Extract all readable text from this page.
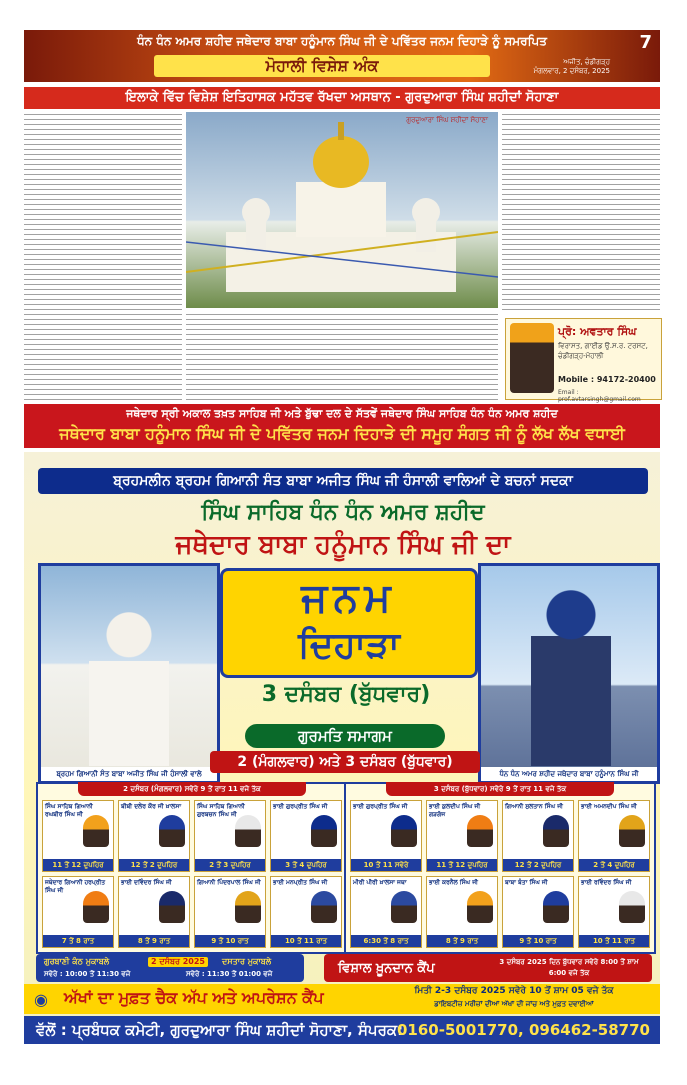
ਧੰਨ ਧੰਨ ਅਮਰ ਸ਼ਹੀਦ ਜਥੇਦਾਰ ਬਾਬਾ ਹਨੂੰਮਾਨ ਸਿੰਘ ਜੀ ਦੇ ਪਵਿੱਤਰ ਜਨਮ ਦਿਹਾੜੇ ਨੂੰ ਸਮਰਪਿਤ	7
ਮੋਹਾਲੀ ਵਿਸ਼ੇਸ਼ ਅੰਕ	ਅਜੀਤ, ਚੰਡੀਗੜ੍ਹ
ਮੰਗਲਵਾਰ, 2 ਦਸੰਬਰ, 2025
ਇਲਾਕੇ ਵਿੱਚ ਵਿਸ਼ੇਸ਼ ਇਤਿਹਾਸਕ ਮਹੱਤਵ ਰੱਖਦਾ ਅਸਥਾਨ - ਗੁਰਦੁਆਰਾ ਸਿੰਘ ਸ਼ਹੀਦਾਂ ਸੋਹਾਣਾ
ਗੁਰਦੁਆਰਾ ਸਿੰਘ ਸ਼ਹੀਦਾਂ ਸੋਹਾਣਾ
ਪ੍ਰੋ: ਅਵਤਾਰ ਸਿੰਘ
ਵਿਰਾਸਤ, ਗਾਈਡ ਉ.ਸ.ਰ. ਟਰਸਟ, ਚੰਡੀਗੜ੍ਹ-ਮੋਹਾਲੀ
Mobile : 94172-20400
Email : prof.avtarsingh@gmail.com
ਜਥੇਦਾਰ ਸ੍ਰੀ ਅਕਾਲ ਤਖ਼ਤ ਸਾਹਿਬ ਜੀ ਅਤੇ ਬੁੱਢਾ ਦਲ ਦੇ ਸੱਤਵੇਂ ਜਥੇਦਾਰ ਸਿੰਘ ਸਾਹਿਬ ਧੰਨ ਧੰਨ ਅਮਰ ਸ਼ਹੀਦ
ਜਥੇਦਾਰ ਬਾਬਾ ਹਨੂੰਮਾਨ ਸਿੰਘ ਜੀ ਦੇ ਪਵਿੱਤਰ ਜਨਮ ਦਿਹਾੜੇ ਦੀ ਸਮੂਹ ਸੰਗਤ ਜੀ ਨੂੰ ਲੱਖ ਲੱਖ ਵਧਾਈ
ਬ੍ਰਹਮਲੀਨ ਬ੍ਰਹਮ ਗਿਆਨੀ ਸੰਤ ਬਾਬਾ ਅਜੀਤ ਸਿੰਘ ਜੀ ਹੰਸਾਲੀ ਵਾਲਿਆਂ ਦੇ ਬਚਨਾਂ ਸਦਕਾ
ਸਿੰਘ ਸਾਹਿਬ ਧੰਨ ਧੰਨ ਅਮਰ ਸ਼ਹੀਦ
ਜਥੇਦਾਰ ਬਾਬਾ ਹਨੂੰਮਾਨ ਸਿੰਘ ਜੀ ਦਾ
ਬ੍ਰਹਮ ਗਿਆਨੀ ਸੰਤ ਬਾਬਾ ਅਜੀਤ ਸਿੰਘ ਜੀ ਹੰਸਾਲੀ ਵਾਲੇ	ਧੰਨ ਧੰਨ ਅਮਰ ਸ਼ਹੀਦ ਜਥੇਦਾਰ ਬਾਬਾ ਹਨੂੰਮਾਨ ਸਿੰਘ ਜੀ
ਜਨਮ
ਦਿਹਾੜਾ
3 ਦਸੰਬਰ (ਬੁੱਧਵਾਰ)
ਗੁਰਮਤਿ ਸਮਾਗਮ
2 (ਮੰਗਲਵਾਰ) ਅਤੇ 3 ਦਸੰਬਰ (ਬੁੱਧਵਾਰ)
2 ਦਸੰਬਰ (ਮੰਗਲਵਾਰ) ਸਵੇਰੇ 9 ਤੋਂ ਰਾਤ 11 ਵਜੇ ਤੱਕ
ਸਿੰਘ ਸਾਹਿਬ ਗਿਆਨੀ ਰਘਬੀਰ ਸਿੰਘ ਜੀ
11 ਤੋਂ 12 ਦੁਪਹਿਰ
ਬੀਬੀ ਦਲੇਰ ਕੌਰ ਜੀ ਖ਼ਾਲਸਾ
12 ਤੋਂ 2 ਦੁਪਹਿਰ
ਸਿੰਘ ਸਾਹਿਬ ਗਿਆਨੀ ਗੁਰਬਚਨ ਸਿੰਘ ਜੀ
2 ਤੋਂ 3 ਦੁਪਹਿਰ
ਭਾਈ ਗੁਰਪ੍ਰੀਤ ਸਿੰਘ ਜੀ
3 ਤੋਂ 4 ਦੁਪਹਿਰ
ਜਥੇਦਾਰ ਗਿਆਨੀ ਹਰਪ੍ਰੀਤ ਸਿੰਘ ਜੀ
7 ਤੋਂ 8 ਰਾਤ
ਭਾਈ ਦਵਿੰਦਰ ਸਿੰਘ ਜੀ
8 ਤੋਂ 9 ਰਾਤ
ਗਿਆਨੀ ਪਿੰਦਰਪਾਲ ਸਿੰਘ ਜੀ
9 ਤੋਂ 10 ਰਾਤ
ਭਾਈ ਮਨਪ੍ਰੀਤ ਸਿੰਘ ਜੀ
10 ਤੋਂ 11 ਰਾਤ
3 ਦਸੰਬਰ (ਬੁੱਧਵਾਰ) ਸਵੇਰੇ 9 ਤੋਂ ਰਾਤ 11 ਵਜੇ ਤੱਕ
ਭਾਈ ਗੁਰਪ੍ਰੀਤ ਸਿੰਘ ਜੀ
10 ਤੋਂ 11 ਸਵੇਰੇ
ਭਾਈ ਕੁਲਦੀਪ ਸਿੰਘ ਜੀ ਗੜਗੱਜ
11 ਤੋਂ 12 ਦੁਪਹਿਰ
ਗਿਆਨੀ ਸੁਲਤਾਨ ਸਿੰਘ ਜੀ
12 ਤੋਂ 2 ਦੁਪਹਿਰ
ਭਾਈ ਅਮਨਦੀਪ ਸਿੰਘ ਜੀ
2 ਤੋਂ 4 ਦੁਪਹਿਰ
ਮੀਰੀ ਪੀਰੀ ਖ਼ਾਲਸਾ ਜਥਾ
6:30 ਤੋਂ 8 ਰਾਤ
ਭਾਈ ਕਰਨੈਲ ਸਿੰਘ ਜੀ
8 ਤੋਂ 9 ਰਾਤ
ਬਾਬਾ ਬੰਤਾ ਸਿੰਘ ਜੀ
9 ਤੋਂ 10 ਰਾਤ
ਭਾਈ ਰਵਿੰਦਰ ਸਿੰਘ ਜੀ
10 ਤੋਂ 11 ਰਾਤ
ਗੁਰਬਾਣੀ ਕੰਠ ਮੁਕਾਬਲੇ
ਸਵੇਰੇ : 10:00 ਤੋਂ 11:30 ਵਜੇ
2 ਦਸੰਬਰ 2025	ਦਸਤਾਰ ਮੁਕਾਬਲੇ
ਸਵੇਰੇ : 11:30 ਤੋਂ 01:00 ਵਜੇ	ਵਿਸ਼ਾਲ ਖ਼ੂਨਦਾਨ ਕੈਂਪ	3 ਦਸੰਬਰ 2025 ਦਿਨ ਬੁੱਧਵਾਰ ਸਵੇਰੇ 8:00 ਤੋਂ ਸ਼ਾਮ 6:00 ਵਜੇ ਤੱਕ
◉ ਅੱਖਾਂ ਦਾ ਮੁਫ਼ਤ ਚੈਕ ਅੱਪ ਅਤੇ ਅਪਰੇਸ਼ਨ ਕੈਂਪ	ਮਿਤੀ 2-3 ਦਸੰਬਰ 2025 ਸਵੇਰੇ 10 ਤੋਂ ਸ਼ਾਮ 05 ਵਜੇ ਤੱਕ
ਡਾਇਬਟੀਜ਼ ਮਰੀਜ਼ਾਂ ਦੀਆਂ ਅੱਖਾਂ ਦੀ ਜਾਂਚ ਅਤੇ ਮੁਫ਼ਤ ਦਵਾਈਆਂ
ਵੱਲੋਂ : ਪ੍ਰਬੰਧਕ ਕਮੇਟੀ, ਗੁਰਦੁਆਰਾ ਸਿੰਘ ਸ਼ਹੀਦਾਂ ਸੋਹਾਣਾ, ਸੰਪਰਕ:
0160-5001770, 096462-58770
